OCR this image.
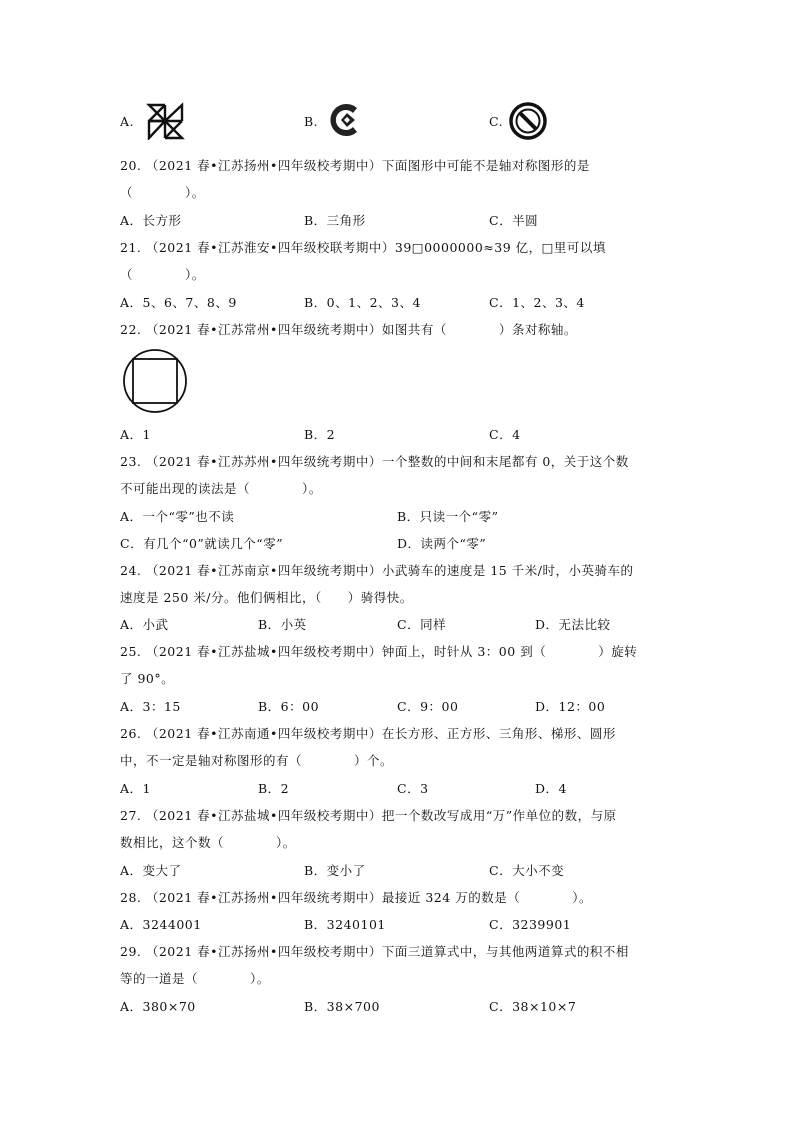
A.	B.	C.
20. （2021 春•江苏扬州•四年级校考期中）下面图形中可能不是轴对称图形的是
（　　　　）。
A．长方形	B．三角形	C．半圆
21. （2021 春•江苏淮安•四年级校联考期中）39□0000000≈39 亿，□里可以填
（　　　　）。
A．5、6、7、8、9	B．0、1、2、3、4	C．1、2、3、4
22. （2021 春•江苏常州•四年级统考期中）如图共有（　　　　）条对称轴。
A．1	B．2	C．4
23. （2021 春•江苏苏州•四年级统考期中）一个整数的中间和末尾都有 0，关于这个数
不可能出现的读法是（　　　　）。
A．一个“零”也不读	B．只读一个“零”
C．有几个“0”就读几个“零”	D．读两个“零”
24. （2021 春•江苏南京•四年级统考期中）小武骑车的速度是 15 千米/时，小英骑车的
速度是 250 米/分。他们俩相比，（　　）骑得快。
A．小武	B．小英	C．同样	D．无法比较
25. （2021 春•江苏盐城•四年级校考期中）钟面上，时针从 3：00 到（　　　　）旋转
了 90°。
A．3：15	B．6：00	C．9：00	D．12：00
26. （2021 春•江苏南通•四年级校考期中）在长方形、正方形、三角形、梯形、圆形
中，不一定是轴对称图形的有（　　　　）个。
A．1	B．2	C．3	D．4
27. （2021 春•江苏盐城•四年级校考期中）把一个数改写成用“万”作单位的数，与原
数相比，这个数（　　　　）。
A．变大了	B．变小了	C．大小不变
28. （2021 春•江苏扬州•四年级统考期中）最接近 324 万的数是（　　　　）。
A．3244001	B．3240101	C．3239901
29. （2021 春•江苏扬州•四年级校考期中）下面三道算式中，与其他两道算式的积不相
等的一道是（　　　　）。
A．380×70	B．38×700	C．38×10×7
